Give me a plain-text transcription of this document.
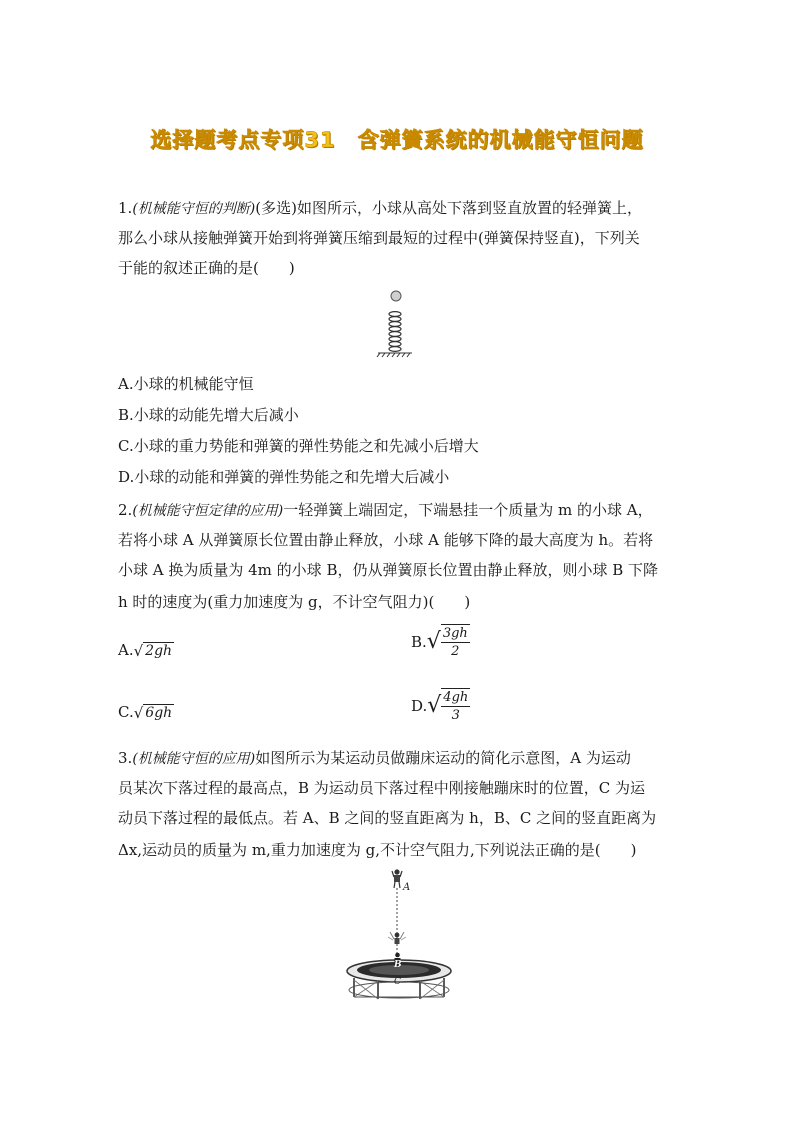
选择题考点专项31 含弹簧系统的机械能守恒问题
1.(机械能守恒的判断)(多选)如图所示，小球从高处下落到竖直放置的轻弹簧上，
那么小球从接触弹簧开始到将弹簧压缩到最短的过程中(弹簧保持竖直)，下列关
于能的叙述正确的是(　　)
A.小球的机械能守恒
B.小球的动能先增大后减小
C.小球的重力势能和弹簧的弹性势能之和先减小后增大
D.小球的动能和弹簧的弹性势能之和先增大后减小
2.(机械能守恒定律的应用)一轻弹簧上端固定，下端悬挂一个质量为 m 的小球 A，
若将小球 A 从弹簧原长位置由静止释放，小球 A 能够下降的最大高度为 h。若将
小球 A 换为质量为 4m 的小球 B，仍从弹簧原长位置由静止释放，则小球 B 下降
h 时的速度为(重力加速度为 g，不计空气阻力)(　　)
A.√ 2gh	$B.√ \frac{3gh}{2}$
C.√ 6gh	$D.√ \frac{4gh}{3}$
3.(机械能守恒的应用)如图所示为某运动员做蹦床运动的简化示意图，A 为运动
员某次下落过程的最高点，B 为运动员下落过程中刚接触蹦床时的位置，C 为运
动员下落过程的最低点。若 A、B 之间的竖直距离为 h，B、C 之间的竖直距离为
Δx,运动员的质量为 m,重力加速度为 g,不计空气阻力,下列说法正确的是(　　)
A
B
C
